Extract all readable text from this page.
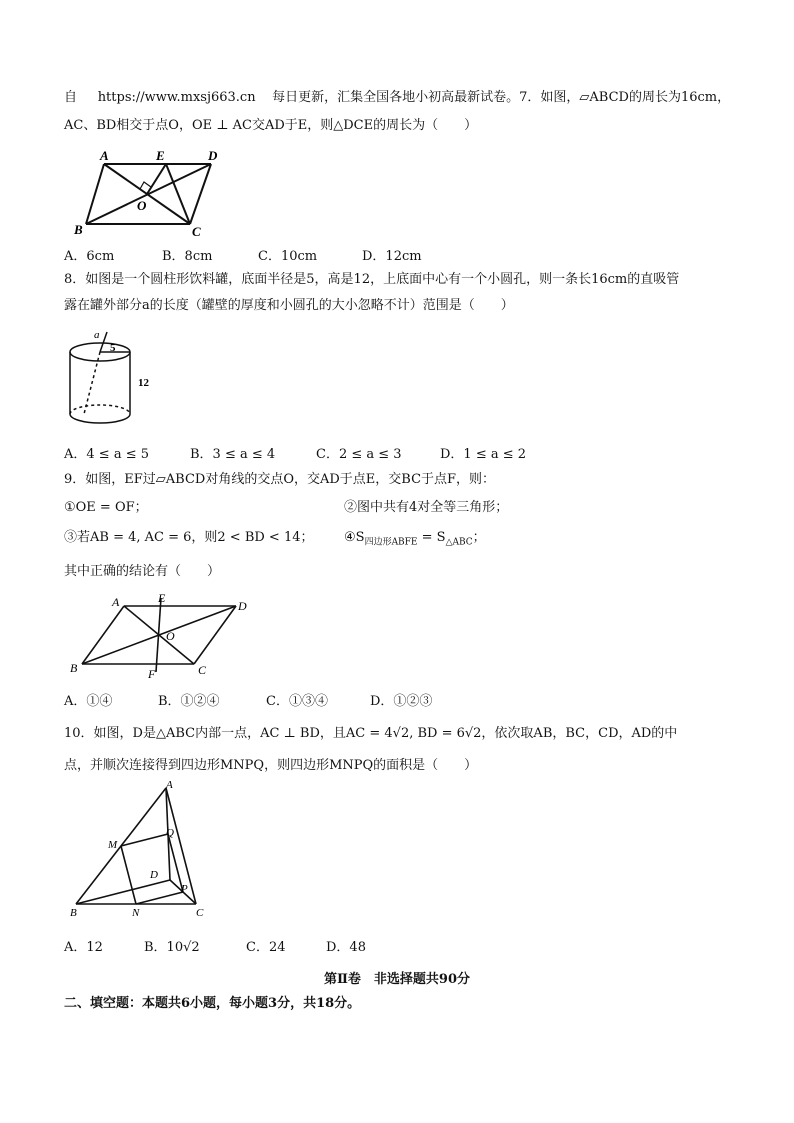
自 https://www.mxsj663.cn 每日更新，汇集全国各地小初高最新试卷。7．如图，▱ABCD的周长为16cm，
AC、BD相交于点O，OE ⊥ AC交AD于E，则△DCE的周长为（　　）
A	E	D
O
B	C
A．6cm	B．8cm	C．10cm	D．12cm
8．如图是一个圆柱形饮料罐，底面半径是5，高是12，上底面中心有一个小圆孔，则一条长16cm的直吸管
露在罐外部分a的长度（罐壁的厚度和小圆孔的大小忽略不计）范围是（　　）
a
5
12
A．4 ≤ a ≤ 5	B．3 ≤ a ≤ 4	C．2 ≤ a ≤ 3	D．1 ≤ a ≤ 2
9．如图，EF过▱ABCD对角线的交点O，交AD于点E，交BC于点F，则：
①OE = OF；	②图中共有4对全等三角形；
③若AB = 4, AC = 6，则2 < BD < 14； $④S_{四边形ABFE} = S_{\triangle ABC}$；
其中正确的结论有（　　）
A	E
D
O
B	F	C
A．①④	B．①②④	C．①③④	D．①②③
10．如图，D是△ABC内部一点，AC ⊥ BD，且AC = 4√2, BD = 6√2，依次取AB，BC，CD，AD的中
点，并顺次连接得到四边形MNPQ，则四边形MNPQ的面积是（　　）
A
M
Q
D
P
B	N	C
A．12	B．10√2	C．24	D．48
第Ⅱ卷　非选择题共90分
二、填空题：本题共6小题，每小题3分，共18分。
